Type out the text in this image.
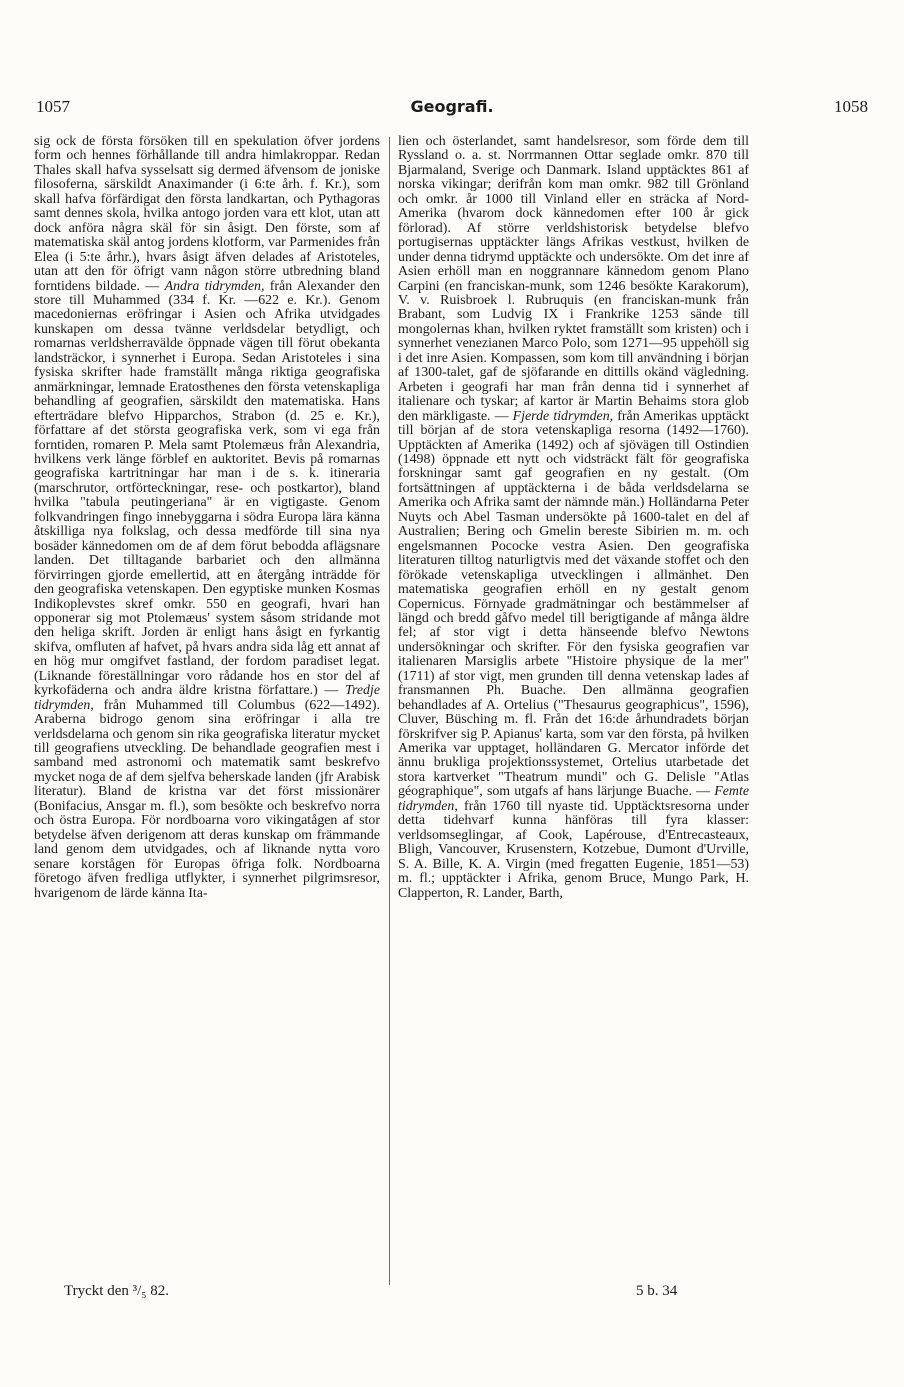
1057	Geografi.	1058

sig ock de första försöken till en spekulation öfver jordens form och hennes förhållande till andra himlakroppar. Redan Thales skall hafva sysselsatt sig dermed äfvensom de joniske filosoferna, särskildt Anaximander (i 6:te årh. f. Kr.), som skall hafva förfärdigat den första landkartan, och Pythagoras samt dennes skola, hvilka antogo jorden vara ett klot, utan att dock anföra några skäl för sin åsigt. Den förste, som af matematiska skäl antog jordens klotform, var Parmenides från Elea (i 5:te århr.), hvars åsigt äfven delades af Aristoteles, utan att den för öfrigt vann någon större utbredning bland forntidens bildade. — Andra tidrymden, från Alexander den store till Muhammed (334 f. Kr. —622 e. Kr.). Genom macedoniernas eröfringar i Asien och Afrika utvidgades kunskapen om dessa tvänne verldsdelar betydligt, och romarnas verldsherravälde öppnade vägen till förut obekanta landsträckor, i synnerhet i Europa. Sedan Aristoteles i sina fysiska skrifter hade framställt många riktiga geografiska anmärkningar, lemnade Eratosthenes den första vetenskapliga behandling af geografien, särskildt den matematiska. Hans efterträdare blefvo Hipparchos, Strabon (d. 25 e. Kr.), författare af det största geografiska verk, som vi ega från forntiden, romaren P. Mela samt Ptolemæus från Alexandria, hvilkens verk länge förblef en auktoritet. Bevis på romarnas geografiska kartritningar har man i de s. k. itineraria (marschrutor, ortförteckningar, rese- och postkartor), bland hvilka "tabula peutingeriana" är en vigtigaste. Genom folkvandringen fingo innebyggarna i södra Europa lära känna åtskilliga nya folkslag, och dessa medförde till sina nya bosäder kännedomen om de af dem förut bebodda aflägsnare landen. Det tilltagande barbariet och den allmänna förvirringen gjorde emellertid, att en återgång inträdde för den geografiska vetenskapen. Den egyptiske munken Kosmas Indikoplevstes skref omkr. 550 en geografi, hvari han opponerar sig mot Ptolemæus' system såsom stridande mot den heliga skrift. Jorden är enligt hans åsigt en fyrkantig skifva, omfluten af hafvet, på hvars andra sida låg ett annat af en hög mur omgifvet fastland, der fordom paradiset legat. (Liknande föreställningar voro rådande hos en stor del af kyrkofäderna och andra äldre kristna författare.) — Tredje tidrymden, från Muhammed till Columbus (622—1492). Araberna bidrogo genom sina eröfringar i alla tre verldsdelarna och genom sin rika geografiska literatur mycket till geografiens utveckling. De behandlade geografien mest i samband med astronomi och matematik samt beskrefvo mycket noga de af dem sjelfva beherskade landen (jfr Arabisk literatur). Bland de kristna var det först missionärer (Bonifacius, Ansgar m. fl.), som besökte och beskrefvo norra och östra Europa. För nordboarna voro vikingatågen af stor betydelse äfven derigenom att deras kunskap om främmande land genom dem utvidgades, och af liknande nytta voro senare korstågen för Europas öfriga folk. Nordboarna företogo äfven fredliga utflykter, i synnerhet pilgrimsresor, hvarigenom de lärde känna Ita-

lien och österlandet, samt handelsresor, som förde dem till Ryssland o. a. st. Norrmannen Ottar seglade omkr. 870 till Bjarmaland, Sverige och Danmark. Island upptäcktes 861 af norska vikingar; derifrån kom man omkr. 982 till Grönland och omkr. år 1000 till Vinland eller en sträcka af Nord-Amerika (hvarom dock kännedomen efter 100 år gick förlorad). Af större verldshistorisk betydelse blefvo portugisernas upptäckter längs Afrikas vestkust, hvilken de under denna tidrymd upptäckte och undersökte. Om det inre af Asien erhöll man en noggrannare kännedom genom Plano Carpini (en franciskan-munk, som 1246 besökte Karakorum), V. v. Ruisbroek l. Rubruquis (en franciskan-munk från Brabant, som Ludvig IX i Frankrike 1253 sände till mongolernas khan, hvilken ryktet framställt som kristen) och i synnerhet venezianen Marco Polo, som 1271—95 uppehöll sig i det inre Asien. Kompassen, som kom till användning i början af 1300-talet, gaf de sjöfarande en dittills okänd vägledning. Arbeten i geografi har man från denna tid i synnerhet af italienare och tyskar; af kartor är Martin Behaims stora glob den märkligaste. — Fjerde tidrymden, från Amerikas upptäckt till början af de stora vetenskapliga resorna (1492—1760). Upptäckten af Amerika (1492) och af sjövägen till Ostindien (1498) öppnade ett nytt och vidsträckt fält för geografiska forskningar samt gaf geografien en ny gestalt. (Om fortsättningen af upptäckterna i de båda verldsdelarna se Amerika och Afrika samt der nämnde män.) Holländarna Peter Nuyts och Abel Tasman undersökte på 1600-talet en del af Australien; Bering och Gmelin bereste Sibirien m. m. och engelsmannen Pococke vestra Asien. Den geografiska literaturen tilltog naturligtvis med det växande stoffet och den förökade vetenskapliga utvecklingen i allmänhet. Den matematiska geografien erhöll en ny gestalt genom Copernicus. Förnyade gradmätningar och bestämmelser af längd och bredd gåfvo medel till berigtigande af många äldre fel; af stor vigt i detta hänseende blefvo Newtons undersökningar och skrifter. För den fysiska geografien var italienaren Marsiglis arbete "Histoire physique de la mer" (1711) af stor vigt, men grunden till denna vetenskap lades af fransmannen Ph. Buache. Den allmänna geografien behandlades af A. Ortelius ("Thesaurus geographicus", 1596), Cluver, Büsching m. fl. Från det 16:de århundradets början förskrifver sig P. Apianus' karta, som var den första, på hvilken Amerika var upptaget, holländaren G. Mercator införde det ännu brukliga projektionssystemet, Ortelius utarbetade det stora kartverket "Theatrum mundi" och G. Delisle "Atlas géographique", som utgafs af hans lärjunge Buache. — Femte tidrymden, från 1760 till nyaste tid. Upptäcktsresorna under detta tidehvarf kunna hänföras till fyra klasser: verldsomseglingar, af Cook, Lapérouse, d'Entrecasteaux, Bligh, Vancouver, Krusenstern, Kotzebue, Dumont d'Urville, S. A. Bille, K. A. Virgin (med fregatten Eugenie, 1851—53) m. fl.; upptäckter i Afrika, genom Bruce, Mungo Park, H. Clapperton, R. Lander, Barth,

Tryckt den ³/₅ 82.	5 b. 34
